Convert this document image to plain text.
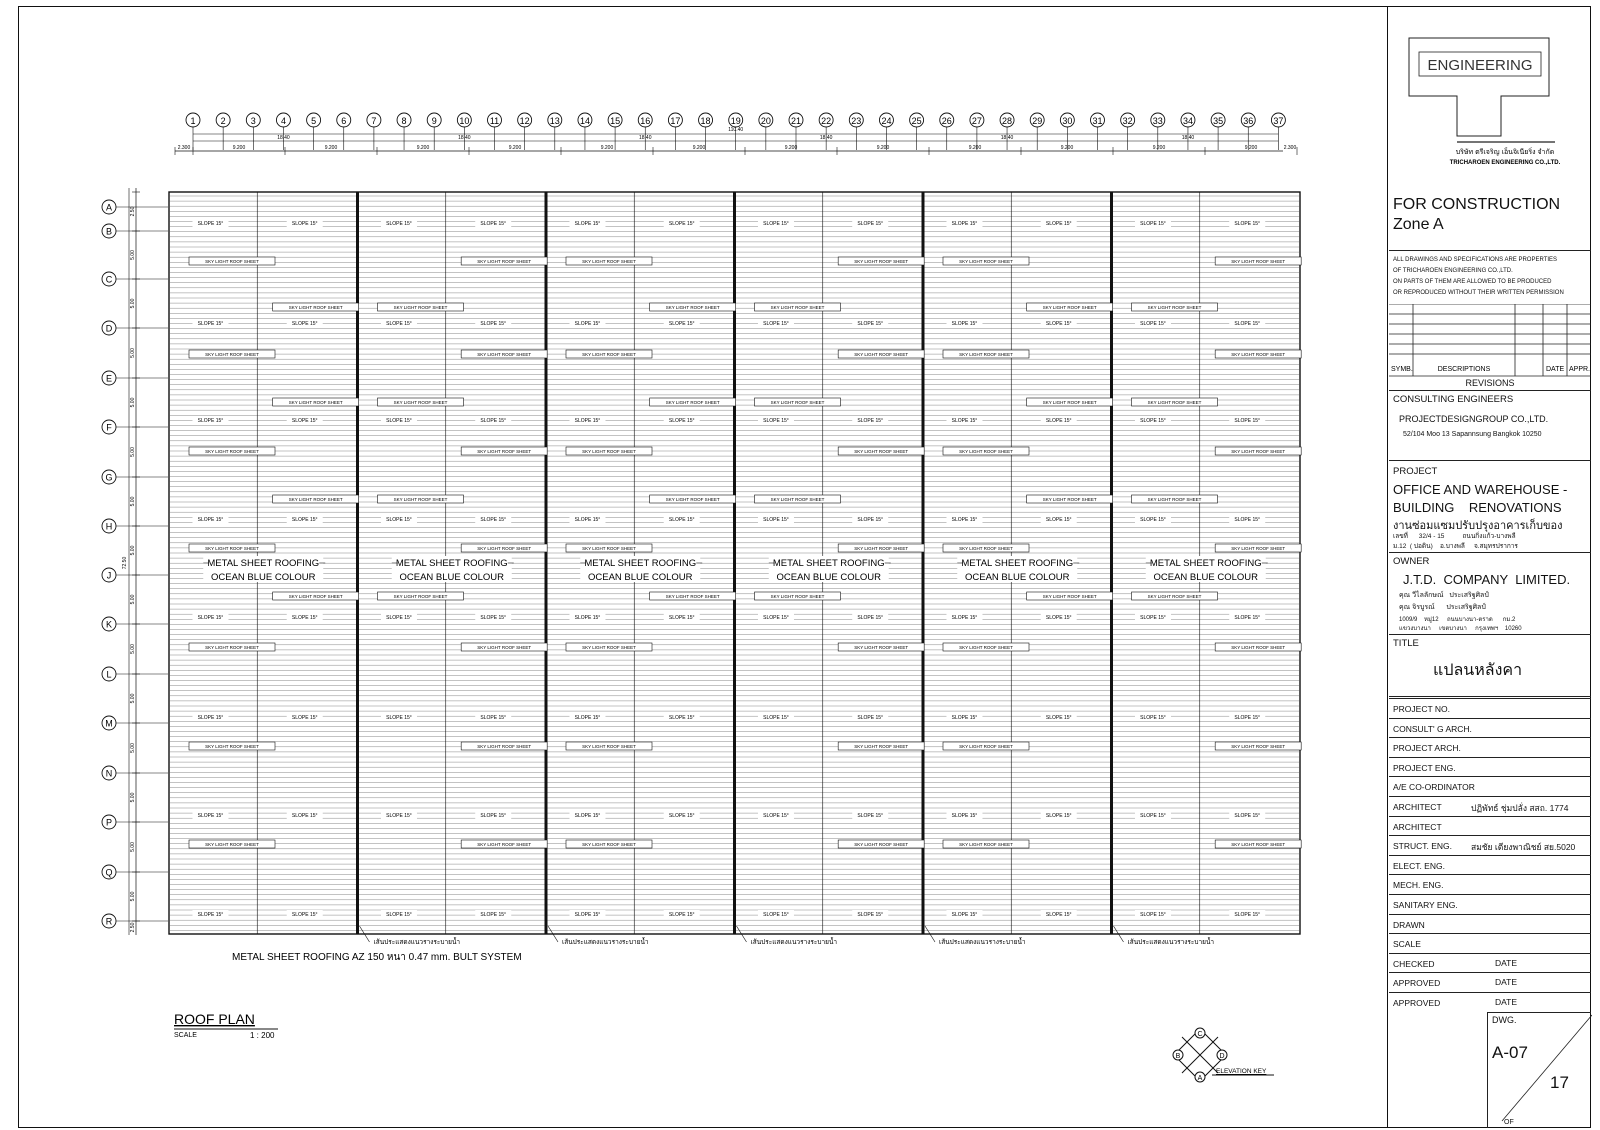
1	2	3	4	5	6	7	8	9	10 11 12 13 14 15 16 17 18 19 20 21 22 23 24 25 26 27 28 29 30 31 32 33 34 35 36 37
110.40
18.40	18.40	18.40	18.40	18.40	18.40
2.300	9.200	9.200	9.200	9.200	9.200	9.200	9.200	9.200	9.200	9.200	9.200	9.200	2.300
A
B
C
D
E
F
G
H
J
K
L
M
N
P
Q
R
2.50
5.00
5.00
5.00
5.00
5.00
5.00
5.00
5.00
5.00
5.00
5.00
5.00
5.00
5.00
2.50
72.50
SLOPE 15°	SLOPE 15°	SLOPE 15°	SLOPE 15°	SLOPE 15°	SLOPE 15°	SLOPE 15°	SLOPE 15°	SLOPE 15°	SLOPE 15°	SLOPE 15°	SLOPE 15°
SLOPE 15°	SLOPE 15°	SLOPE 15°	SLOPE 15°	SLOPE 15°	SLOPE 15°	SLOPE 15°	SLOPE 15°	SLOPE 15°	SLOPE 15°	SLOPE 15°	SLOPE 15°
SLOPE 15°	SLOPE 15°	SLOPE 15°	SLOPE 15°	SLOPE 15°	SLOPE 15°	SLOPE 15°	SLOPE 15°	SLOPE 15°	SLOPE 15°	SLOPE 15°	SLOPE 15°
SLOPE 15°	SLOPE 15°	SLOPE 15°	SLOPE 15°	SLOPE 15°	SLOPE 15°	SLOPE 15°	SLOPE 15°	SLOPE 15°	SLOPE 15°	SLOPE 15°	SLOPE 15°
SLOPE 15°	SLOPE 15°	SLOPE 15°	SLOPE 15°	SLOPE 15°	SLOPE 15°	SLOPE 15°	SLOPE 15°	SLOPE 15°	SLOPE 15°	SLOPE 15°	SLOPE 15°
SLOPE 15°	SLOPE 15°	SLOPE 15°	SLOPE 15°	SLOPE 15°	SLOPE 15°	SLOPE 15°	SLOPE 15°	SLOPE 15°	SLOPE 15°	SLOPE 15°	SLOPE 15°
SLOPE 15°	SLOPE 15°	SLOPE 15°	SLOPE 15°	SLOPE 15°	SLOPE 15°	SLOPE 15°	SLOPE 15°	SLOPE 15°	SLOPE 15°	SLOPE 15°	SLOPE 15°
SLOPE 15°	SLOPE 15°	SLOPE 15°	SLOPE 15°	SLOPE 15°	SLOPE 15°	SLOPE 15°	SLOPE 15°	SLOPE 15°	SLOPE 15°	SLOPE 15°	SLOPE 15°
SKY LIGHT ROOF SHEET	SKY LIGHT ROOF SHEET	SKY LIGHT ROOF SHEET	SKY LIGHT ROOF SHEET	SKY LIGHT ROOF SHEET	SKY LIGHT ROOF SHEET
SKY LIGHT ROOF SHEET	SKY LIGHT ROOF SHEET	SKY LIGHT ROOF SHEET	SKY LIGHT ROOF SHEET	SKY LIGHT ROOF SHEET	SKY LIGHT ROOF SHEET
SKY LIGHT ROOF SHEET	SKY LIGHT ROOF SHEET	SKY LIGHT ROOF SHEET	SKY LIGHT ROOF SHEET	SKY LIGHT ROOF SHEET	SKY LIGHT ROOF SHEET
SKY LIGHT ROOF SHEET	SKY LIGHT ROOF SHEET	SKY LIGHT ROOF SHEET	SKY LIGHT ROOF SHEET	SKY LIGHT ROOF SHEET	SKY LIGHT ROOF SHEET
SKY LIGHT ROOF SHEET	SKY LIGHT ROOF SHEET	SKY LIGHT ROOF SHEET	SKY LIGHT ROOF SHEET	SKY LIGHT ROOF SHEET	SKY LIGHT ROOF SHEET
SKY LIGHT ROOF SHEET	SKY LIGHT ROOF SHEET	SKY LIGHT ROOF SHEET	SKY LIGHT ROOF SHEET	SKY LIGHT ROOF SHEET	SKY LIGHT ROOF SHEET
SKY LIGHT ROOF SHEET	SKY LIGHT ROOF SHEET	SKY LIGHT ROOF SHEET	SKY LIGHT ROOF SHEET	SKY LIGHT ROOF SHEET	SKY LIGHT ROOF SHEET
SKY LIGHT ROOF SHEET	SKY LIGHT ROOF SHEET	SKY LIGHT ROOF SHEET	SKY LIGHT ROOF SHEET	SKY LIGHT ROOF SHEET	SKY LIGHT ROOF SHEET
SKY LIGHT ROOF SHEET	SKY LIGHT ROOF SHEET	SKY LIGHT ROOF SHEET	SKY LIGHT ROOF SHEET	SKY LIGHT ROOF SHEET	SKY LIGHT ROOF SHEET
SKY LIGHT ROOF SHEET	SKY LIGHT ROOF SHEET	SKY LIGHT ROOF SHEET	SKY LIGHT ROOF SHEET	SKY LIGHT ROOF SHEET	SKY LIGHT ROOF SHEET
SKY LIGHT ROOF SHEET	SKY LIGHT ROOF SHEET	SKY LIGHT ROOF SHEET	SKY LIGHT ROOF SHEET	SKY LIGHT ROOF SHEET	SKY LIGHT ROOF SHEET
METAL SHEET ROOFING
OCEAN BLUE COLOUR
METAL SHEET ROOFING
OCEAN BLUE COLOUR
METAL SHEET ROOFING
OCEAN BLUE COLOUR
METAL SHEET ROOFING
OCEAN BLUE COLOUR
METAL SHEET ROOFING
OCEAN BLUE COLOUR
METAL SHEET ROOFING
OCEAN BLUE COLOUR
เส้นประแสดงแนวรางระบายน้ำ	เส้นประแสดงแนวรางระบายน้ำ	เส้นประแสดงแนวรางระบายน้ำ	เส้นประแสดงแนวรางระบายน้ำ	เส้นประแสดงแนวรางระบายน้ำ
METAL SHEET ROOFING AZ 150 หนา 0.47 mm. BULT SYSTEM
ROOF PLAN
SCALE	1 : 200	C
D
A
B
ELEVATION KEY
ENGINEERING
บริษัท ตรีเจริญ เอ็นจิเนียริ่ง จำกัด
TRICHAROEN ENGINEERING CO.,LTD.
FOR CONSTRUCTION
Zone A
ALL DRAWINGS AND SPECIFICATIONS ARE PROPERTIES
OF TRICHAROEN ENGINEERING CO.,LTD.
ON PARTS OF THEM ARE ALLOWED TO BE PRODUCED
OR REPRODUCED WITHOUT THEIR WRITTEN PERMISSION
SYMB.	DESCRIPTIONS	DATE APPR.
REVISIONS
CONSULTING ENGINEERS
PROJECTDESIGNGROUP CO.,LTD.
52/104 Moo 13 Sapannsung Bangkok 10250
PROJECT
OFFICE AND WAREHOUSE -
BUILDING    RENOVATIONS
งานซ่อมแซมปรับปรุงอาคารเก็บของ
เลขที่      32/4 - 15          ถนนกิ่งแก้ว-บางพลี
ม.12  ( บ่อดิน)    อ.บางพลี     จ.สมุทรปราการ
OWNER
J.T.D.  COMPANY  LIMITED.
คุณ วีไลลักษณ์   ประเสริฐศิลป์
คุณ จิรบูรณ์      ประเสริฐศิลป์
1009/9    หมู่12     ถนนบางนา-ตราด      กม.2
แขวงบางนา     เขตบางนา     กรุงเทพฯ    10260
TITLE
แปลนหลังคา
PROJECT NO.
CONSULT' G ARCH.
PROJECT ARCH.
PROJECT ENG.
A/E CO-ORDINATOR
ARCHITECT	ปฏิพัทธ์ ชุ่มปลั่ง สสถ. 1774
ARCHITECT
STRUCT. ENG. สมชัย เตียงพาณิชย์ สย.5020
ELECT. ENG.
MECH. ENG.
SANITARY ENG.
DRAWN
SCALE
CHECKED	DATE
APPROVED	DATE
APPROVED	DATE
DWG.
A-07
17
OF
